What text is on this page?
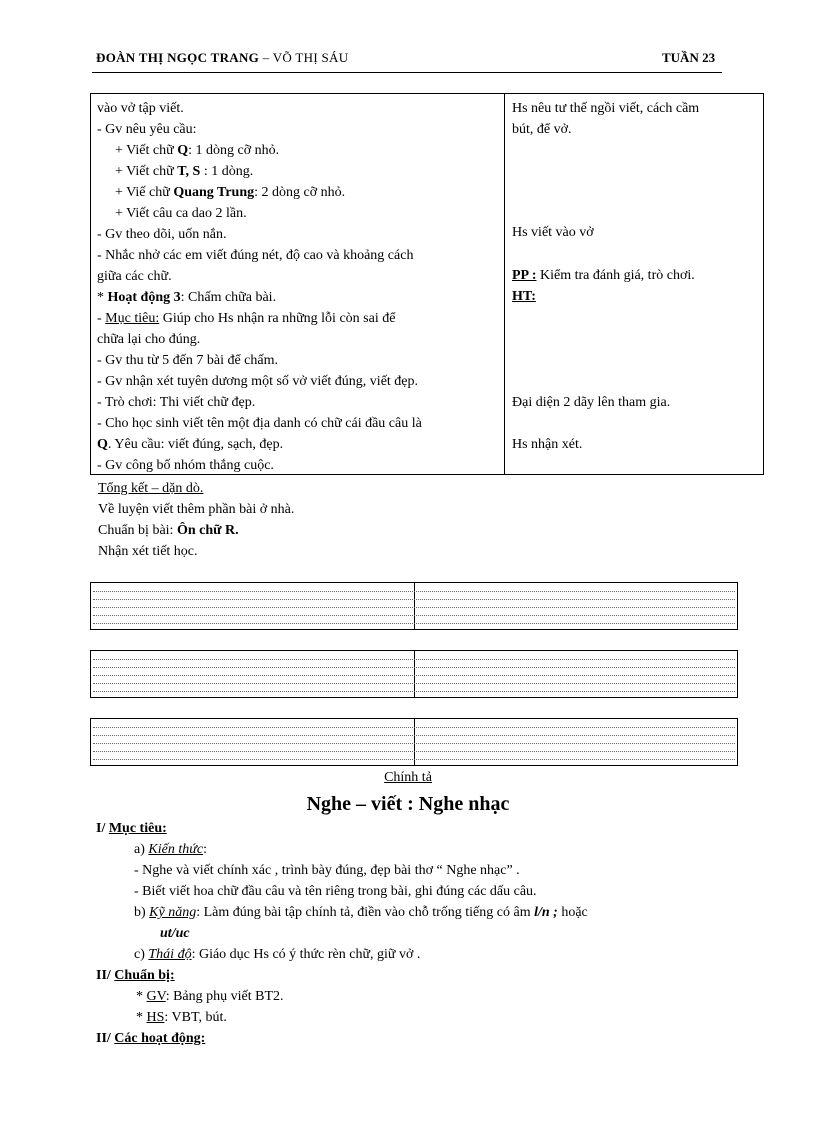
ĐOÀN THỊ NGỌC TRANG – VÕ THỊ SÁU	TUẦN 23
vào vở tập viết.
- Gv nêu yêu cầu:
+ Viết chữ Q: 1 dòng cỡ nhỏ.
+ Viết chữ T, S : 1 dòng.
+ Viế chữ Quang Trung: 2 dòng cỡ nhỏ.
+ Viết câu ca dao 2 lần.
- Gv theo dõi, uốn nắn.
- Nhắc nhở các em viết đúng nét, độ cao và khoảng cách
giữa các chữ.
* Hoạt động 3: Chấm chữa bài.
- Mục tiêu: Giúp cho Hs nhận ra những lỗi còn sai để
chữa lại cho đúng.
- Gv thu từ 5 đến 7 bài để chấm.
- Gv nhận xét tuyên dương một số vở viết đúng, viết đẹp.
- Trò chơi: Thi viết chữ đẹp.
- Cho học sinh viết tên một địa danh có chữ cái đầu câu là
Q. Yêu cầu: viết đúng, sạch, đẹp.
- Gv công bố nhóm thắng cuộc.
Hs nêu tư thế ngồi viết, cách cầm
bút, để vở.
Hs viết vào vở
PP : Kiểm tra đánh giá, trò chơi.
HT:
Đại diện 2 dãy lên tham gia.
Hs nhận xét.
Tổng kết – dặn dò.
Về luyện viết thêm phần bài ở nhà.
Chuẩn bị bài: Ôn chữ R.
Nhận xét tiết học.
Chính tả
Nghe – viết : Nghe nhạc
I/ Mục tiêu:
a) Kiến thức:
- Nghe và viết chính xác , trình bày đúng, đẹp bài thơ “ Nghe nhạc” .
- Biết viết hoa chữ đầu câu và tên riêng trong bài, ghi đúng các dấu câu.
b) Kỹ năng: Làm đúng bài tập chính tả, điền vào chỗ trống tiếng có âm l/n ; hoặc
ut/uc
c) Thái độ: Giáo dục Hs có ý thức rèn chữ, giữ vở .
II/ Chuẩn bị:
* GV: Bảng phụ viết BT2.
* HS: VBT, bút.
II/ Các hoạt động:
